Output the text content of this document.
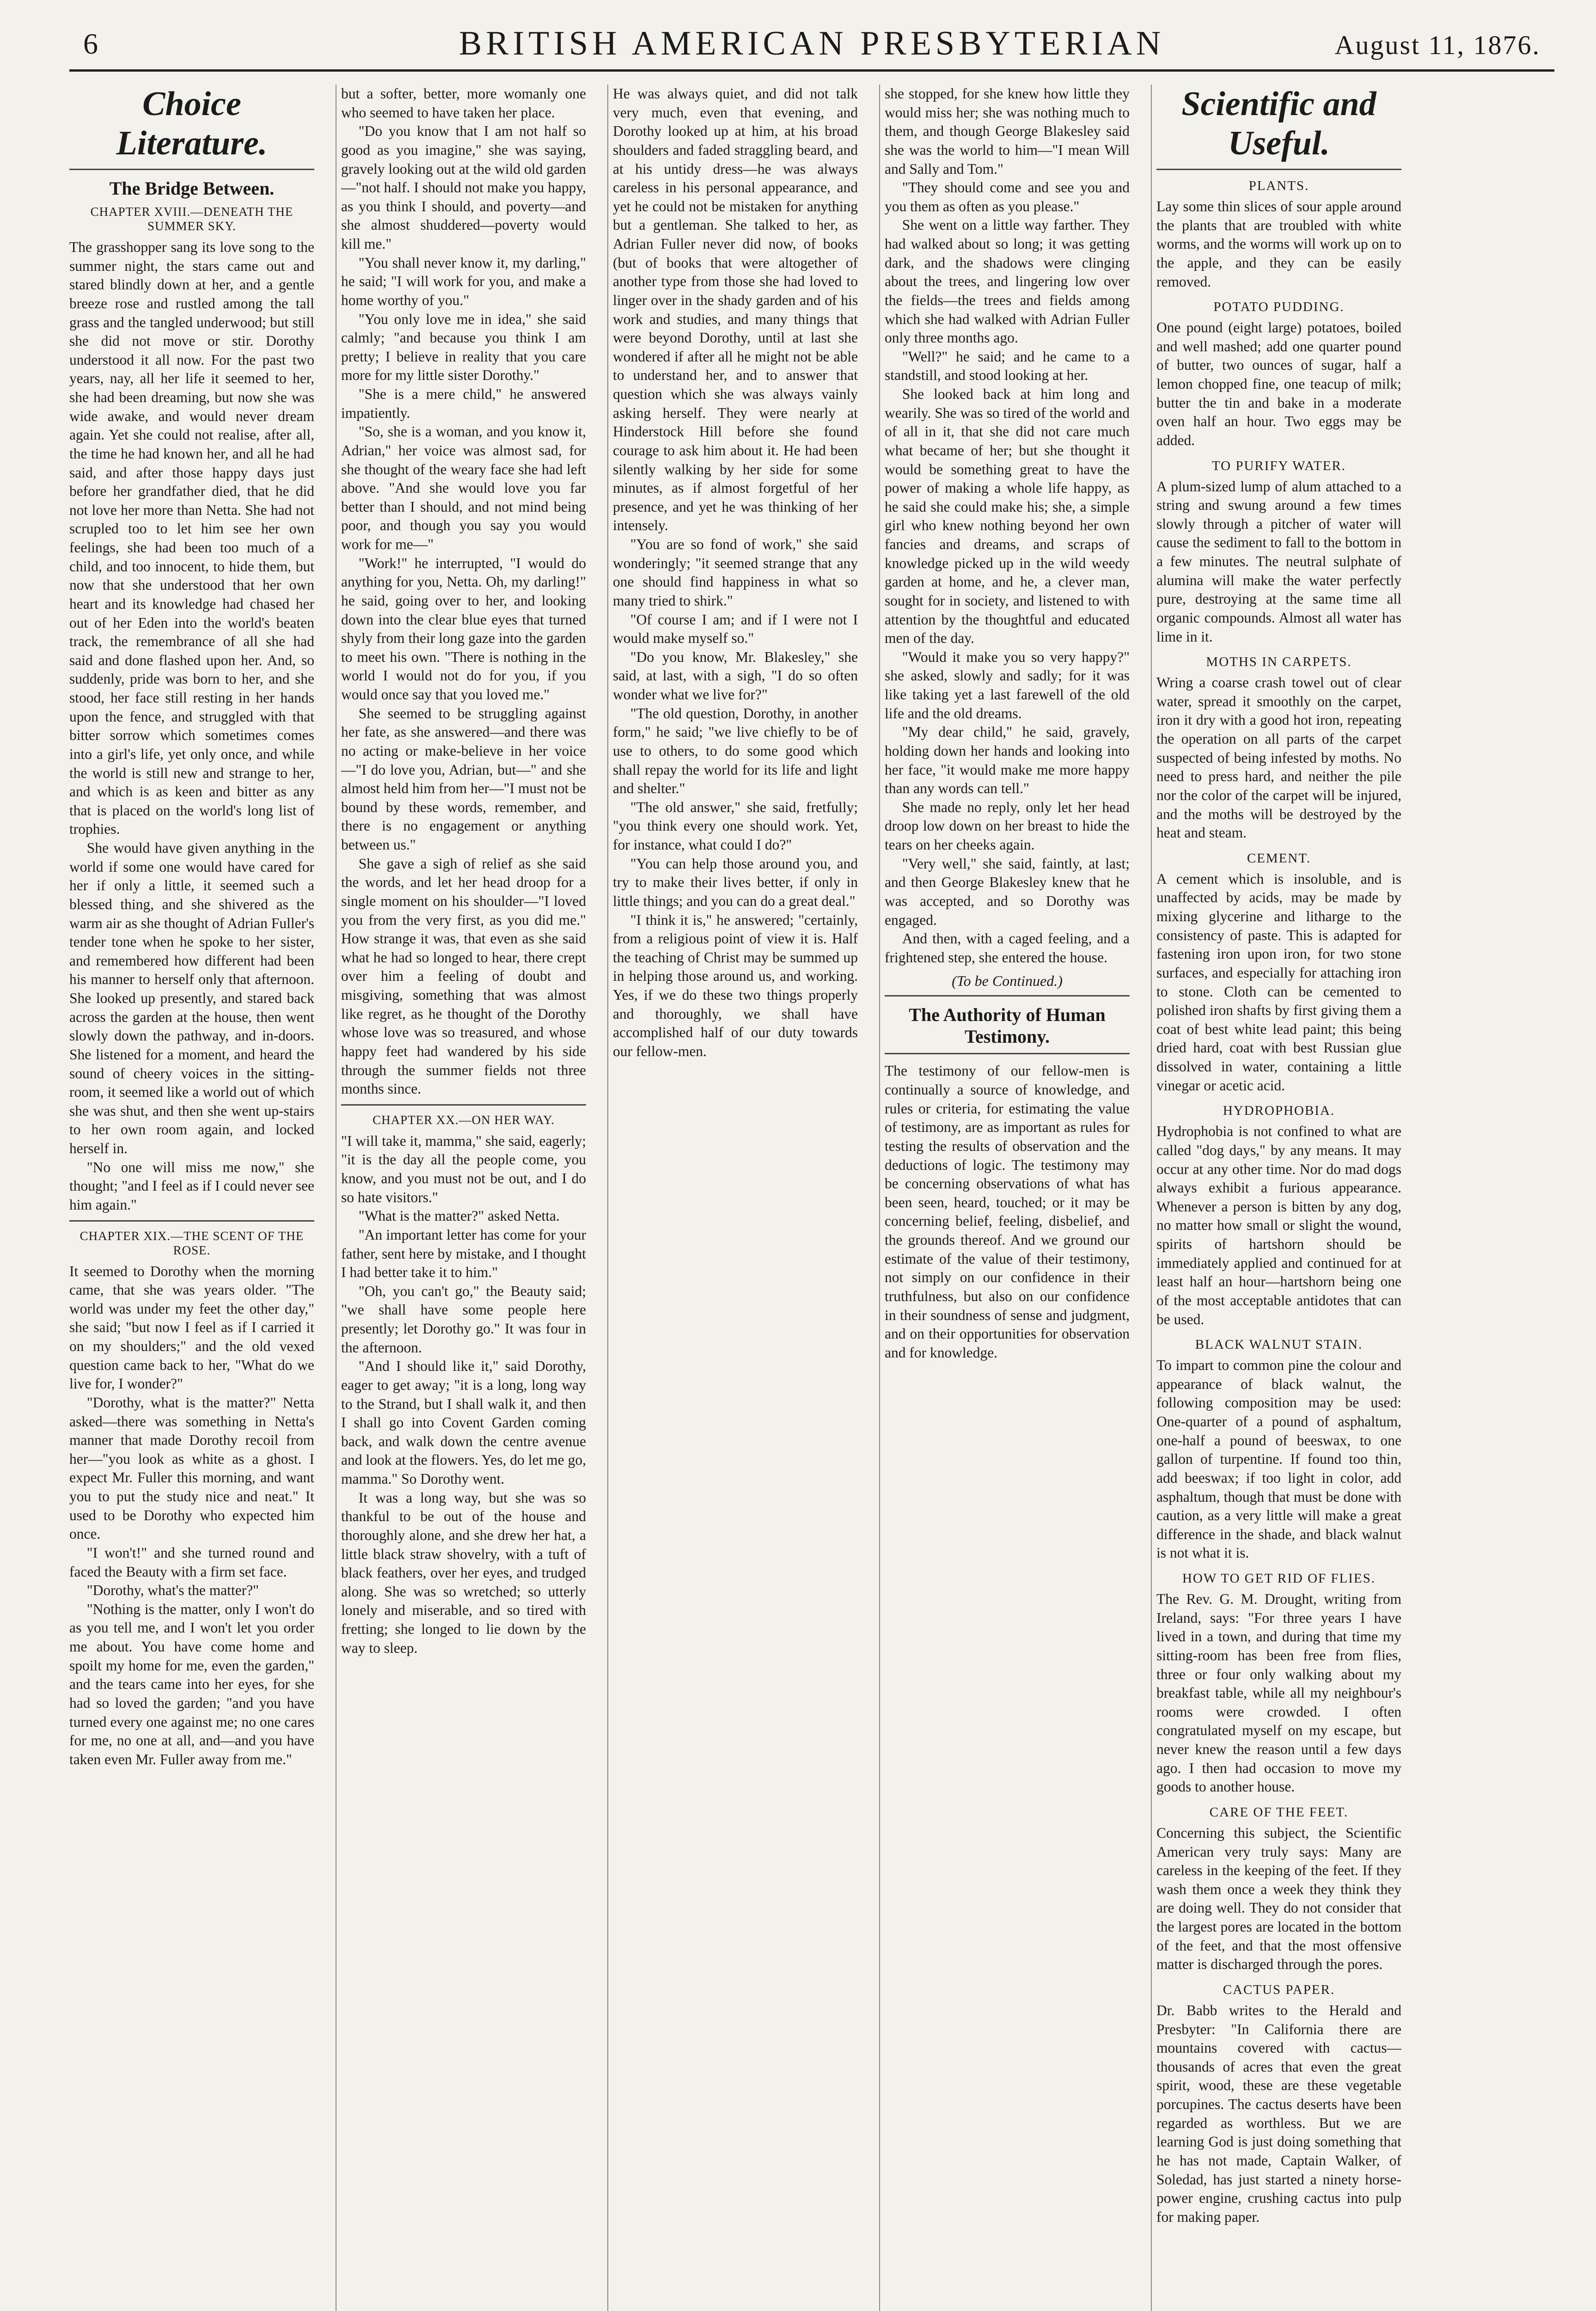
6	BRITISH AMERICAN PRESBYTERIAN	August 11, 1876.
Choice Literature.
The Bridge Between.
CHAPTER XVIII.—DENEATH THE SUMMER SKY.

The grasshopper sang its love song to the summer night, the stars came out and stared blindly down at her, and a gentle breeze rose and rustled among the tall grass and the tangled underwood; but still she did not move or stir. Dorothy understood it all now. For the past two years, nay, all her life it seemed to her, she had been dreaming, but now she was wide awake, and would never dream again. Yet she could not realise, after all, the time he had known her, and all he had said, and after those happy days just before her grandfather died, that he did not love her more than Netta. She had not scrupled too to let him see her own feelings, she had been too much of a child, and too innocent, to hide them, but now that she understood that her own heart and its knowledge had chased her out of her Eden into the world's beaten track, the remembrance of all she had said and done flashed upon her. And, so suddenly, pride was born to her, and she stood, her face still resting in her hands upon the fence, and struggled with that bitter sorrow which sometimes comes into a girl's life, yet only once, and while the world is still new and strange to her, and which is as keen and bitter as any that is placed on the world's long list of trophies.

She would have given anything in the world if some one would have cared for her if only a little, it seemed such a blessed thing, and she shivered as the warm air as she thought of Adrian Fuller's tender tone when he spoke to her sister, and remembered how different had been his manner to herself only that afternoon. She looked up presently, and stared back across the garden at the house, then went slowly down the pathway, and in-doors. She listened for a moment, and heard the sound of cheery voices in the sitting-room, it seemed like a world out of which she was shut, and then she went up-stairs to her own room again, and locked herself in.

"No one will miss me now," she thought; "and I feel as if I could never see him again."

CHAPTER XIX.—THE SCENT OF THE ROSE.

It seemed to Dorothy when the morning came, that she was years older. "The world was under my feet the other day," she said; "but now I feel as if I carried it on my shoulders;" and the old vexed question came back to her, "What do we live for, I wonder?"

"Dorothy, what is the matter?" Netta asked—there was something in Netta's manner that made Dorothy recoil from her—"you look as white as a ghost. I expect Mr. Fuller this morning, and want you to put the study nice and neat." It used to be Dorothy who expected him once.

"I won't!" and she turned round and faced the Beauty with a firm set face.

"Dorothy, what's the matter?"

"Nothing is the matter, only I won't do as you tell me, and I won't let you order me about. You have come home and spoilt my home for me, even the garden," and the tears came into her eyes, for she had so loved the garden; "and you have turned every one against me; no one cares for me, no one at all, and—and you have taken even Mr. Fuller away from me."

but a softer, better, more womanly one who seemed to have taken her place.

"Do you know that I am not half so good as you imagine," she was saying, gravely looking out at the wild old garden—"not half. I should not make you happy, as you think I should, and poverty—and she almost shuddered—poverty would kill me."

"You shall never know it, my darling," he said; "I will work for you, and make a home worthy of you."

"You only love me in idea," she said calmly; "and because you think I am pretty; I believe in reality that you care more for my little sister Dorothy."

"She is a mere child," he answered impatiently.

"So, she is a woman, and you know it, Adrian," her voice was almost sad, for she thought of the weary face she had left above. "And she would love you far better than I should, and not mind being poor, and though you say you would work for me—"

"Work!" he interrupted, "I would do anything for you, Netta. Oh, my darling!" he said, going over to her, and looking down into the clear blue eyes that turned shyly from their long gaze into the garden to meet his own. "There is nothing in the world I would not do for you, if you would once say that you loved me."

She seemed to be struggling against her fate, as she answered—and there was no acting or make-believe in her voice—"I do love you, Adrian, but—" and she almost held him from her—"I must not be bound by these words, remember, and there is no engagement or anything between us."

She gave a sigh of relief as she said the words, and let her head droop for a single moment on his shoulder—"I loved you from the very first, as you did me." How strange it was, that even as she said what he had so longed to hear, there crept over him a feeling of doubt and misgiving, something that was almost like regret, as he thought of the Dorothy whose love was so treasured, and whose happy feet had wandered by his side through the summer fields not three months since.

CHAPTER XX.—ON HER WAY.

"I will take it, mamma," she said, eagerly; "it is the day all the people come, you know, and you must not be out, and I do so hate visitors."

"What is the matter?" asked Netta.

"An important letter has come for your father, sent here by mistake, and I thought I had better take it to him."

"Oh, you can't go," the Beauty said; "we shall have some people here presently; let Dorothy go." It was four in the afternoon.

"And I should like it," said Dorothy, eager to get away; "it is a long, long way to the Strand, but I shall walk it, and then I shall go into Covent Garden coming back, and walk down the centre avenue and look at the flowers. Yes, do let me go, mamma." So Dorothy went.

It was a long way, but she was so thankful to be out of the house and thoroughly alone, and she drew her hat, a little black straw shovelry, with a tuft of black feathers, over her eyes, and trudged along. She was so wretched; so utterly lonely and miserable, and so tired with fretting; she longed to lie down by the way to sleep.

He was always quiet, and did not talk very much, even that evening, and Dorothy looked up at him, at his broad shoulders and faded straggling beard, and at his untidy dress—he was always careless in his personal appearance, and yet he could not be mistaken for anything but a gentleman. She talked to her, as Adrian Fuller never did now, of books (but of books that were altogether of another type from those she had loved to linger over in the shady garden and of his work and studies, and many things that were beyond Dorothy, until at last she wondered if after all he might not be able to understand her, and to answer that question which she was always vainly asking herself. They were nearly at Hinderstock Hill before she found courage to ask him about it. He had been silently walking by her side for some minutes, as if almost forgetful of her presence, and yet he was thinking of her intensely.

"You are so fond of work," she said wonderingly; "it seemed strange that any one should find happiness in what so many tried to shirk."

"Of course I am; and if I were not I would make myself so."

"Do you know, Mr. Blakesley," she said, at last, with a sigh, "I do so often wonder what we live for?"

"The old question, Dorothy, in another form," he said; "we live chiefly to be of use to others, to do some good which shall repay the world for its life and light and shelter."

"The old answer," she said, fretfully; "you think every one should work. Yet, for instance, what could I do?"

"You can help those around you, and try to make their lives better, if only in little things; and you can do a great deal."

"I think it is," he answered; "certainly, from a religious point of view it is. Half the teaching of Christ may be summed up in helping those around us, and working. Yes, if we do these two things properly and thoroughly, we shall have accomplished half of our duty towards our fellow-men.

she stopped, for she knew how little they would miss her; she was nothing much to them, and though George Blakesley said she was the world to him—"I mean Will and Sally and Tom."

"They should come and see you and you them as often as you please."

She went on a little way farther. They had walked about so long; it was getting dark, and the shadows were clinging about the trees, and lingering low over the fields—the trees and fields among which she had walked with Adrian Fuller only three months ago.

"Well?" he said; and he came to a standstill, and stood looking at her.

She looked back at him long and wearily. She was so tired of the world and of all in it, that she did not care much what became of her; but she thought it would be something great to have the power of making a whole life happy, as he said she could make his; she, a simple girl who knew nothing beyond her own fancies and dreams, and scraps of knowledge picked up in the wild weedy garden at home, and he, a clever man, sought for in society, and listened to with attention by the thoughtful and educated men of the day.

"Would it make you so very happy?" she asked, slowly and sadly; for it was like taking yet a last farewell of the old life and the old dreams.

"My dear child," he said, gravely, holding down her hands and looking into her face, "it would make me more happy than any words can tell."

She made no reply, only let her head droop low down on her breast to hide the tears on her cheeks again.

"Very well," she said, faintly, at last; and then George Blakesley knew that he was accepted, and so Dorothy was engaged.

And then, with a caged feeling, and a frightened step, she entered the house.

(To be Continued.)
The Authority of Human Testimony.

The testimony of our fellow-men is continually a source of knowledge, and rules or criteria, for estimating the value of testimony, are as important as rules for testing the results of observation and the deductions of logic. The testimony may be concerning observations of what has been seen, heard, touched; or it may be concerning belief, feeling, disbelief, and the grounds thereof. And we ground our estimate of the value of their testimony, not simply on our confidence in their truthfulness, but also on our confidence in their soundness of sense and judgment, and on their opportunities for observation and for knowledge.

Scientific and Useful.
PLANTS.

Lay some thin slices of sour apple around the plants that are troubled with white worms, and the worms will work up on to the apple, and they can be easily removed.

POTATO PUDDING.

One pound (eight large) potatoes, boiled and well mashed; add one quarter pound of butter, two ounces of sugar, half a lemon chopped fine, one teacup of milk; butter the tin and bake in a moderate oven half an hour. Two eggs may be added.

TO PURIFY WATER.

A plum-sized lump of alum attached to a string and swung around a few times slowly through a pitcher of water will cause the sediment to fall to the bottom in a few minutes. The neutral sulphate of alumina will make the water perfectly pure, destroying at the same time all organic compounds. Almost all water has lime in it.

MOTHS IN CARPETS.

Wring a coarse crash towel out of clear water, spread it smoothly on the carpet, iron it dry with a good hot iron, repeating the operation on all parts of the carpet suspected of being infested by moths. No need to press hard, and neither the pile nor the color of the carpet will be injured, and the moths will be destroyed by the heat and steam.

CEMENT.

A cement which is insoluble, and is unaffected by acids, may be made by mixing glycerine and litharge to the consistency of paste. This is adapted for fastening iron upon iron, for two stone surfaces, and especially for attaching iron to stone. Cloth can be cemented to polished iron shafts by first giving them a coat of best white lead paint; this being dried hard, coat with best Russian glue dissolved in water, containing a little vinegar or acetic acid.

HYDROPHOBIA.

Hydrophobia is not confined to what are called "dog days," by any means. It may occur at any other time. Nor do mad dogs always exhibit a furious appearance. Whenever a person is bitten by any dog, no matter how small or slight the wound, spirits of hartshorn should be immediately applied and continued for at least half an hour—hartshorn being one of the most acceptable antidotes that can be used.

BLACK WALNUT STAIN.

To impart to common pine the colour and appearance of black walnut, the following composition may be used: One-quarter of a pound of asphaltum, one-half a pound of beeswax, to one gallon of turpentine. If found too thin, add beeswax; if too light in color, add asphaltum, though that must be done with caution, as a very little will make a great difference in the shade, and black walnut is not what it is.

HOW TO GET RID OF FLIES.

The Rev. G. M. Drought, writing from Ireland, says: "For three years I have lived in a town, and during that time my sitting-room has been free from flies, three or four only walking about my breakfast table, while all my neighbour's rooms were crowded. I often congratulated myself on my escape, but never knew the reason until a few days ago. I then had occasion to move my goods to another house.

CARE OF THE FEET.

Concerning this subject, the Scientific American very truly says: Many are careless in the keeping of the feet. If they wash them once a week they think they are doing well. They do not consider that the largest pores are located in the bottom of the feet, and that the most offensive matter is discharged through the pores.

CACTUS PAPER.

Dr. Babb writes to the Herald and Presbyter: "In California there are mountains covered with cactus—thousands of acres that even the great spirit, wood, these are these vegetable porcupines. The cactus deserts have been regarded as worthless. But we are learning God is just doing something that he has not made, Captain Walker, of Soledad, has just started a ninety horse-power engine, crushing cactus into pulp for making paper.
